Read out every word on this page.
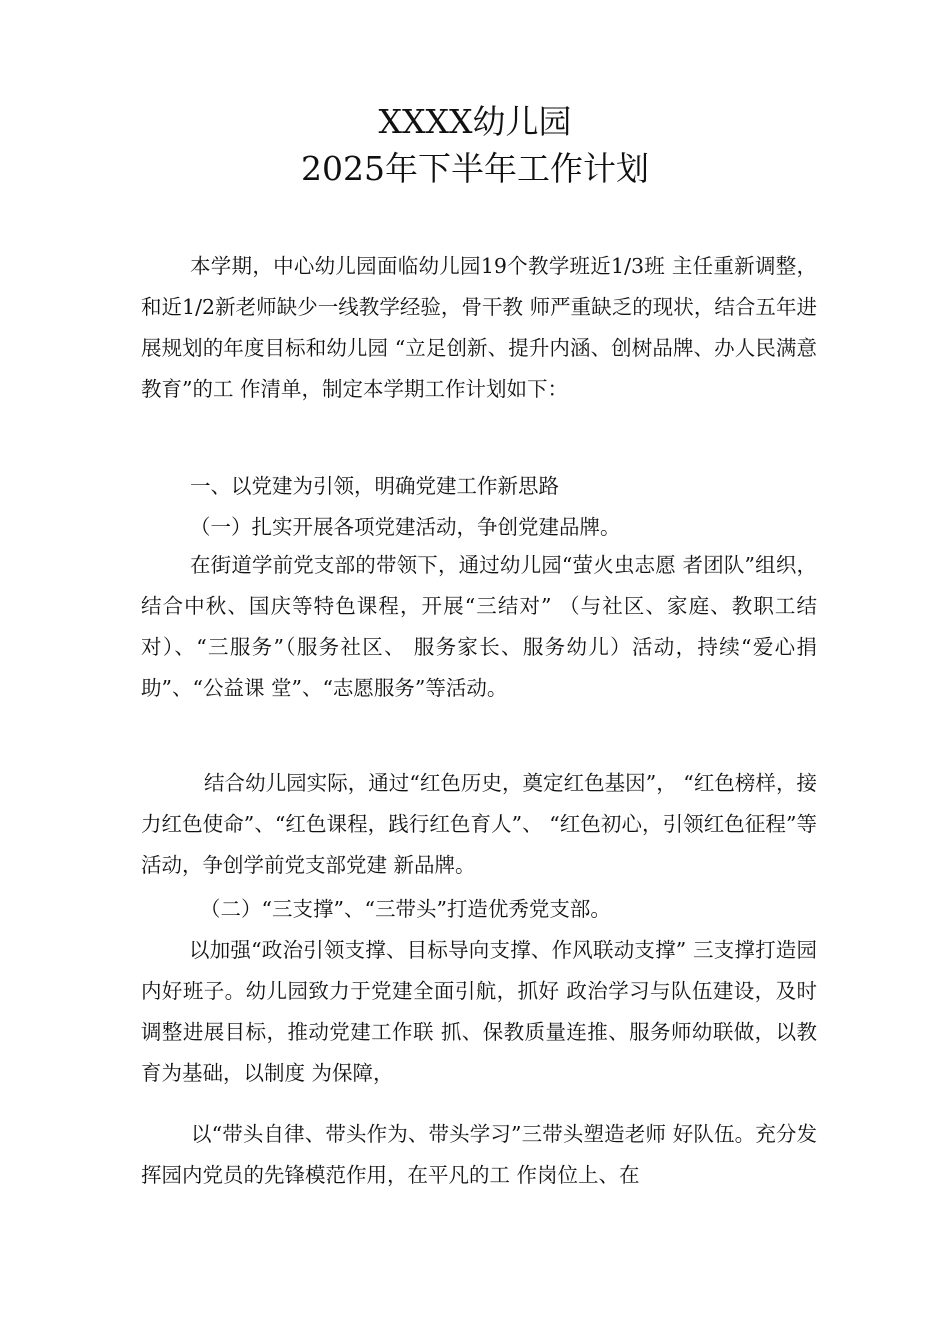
XXXX幼儿园
2025年下半年工作计划

本学期，中心幼儿园面临幼儿园19个教学班近1/3班 主任重新调整，和近1/2新老师缺少一线教学经验，骨干教 师严重缺乏的现状，结合五年进展规划的年度目标和幼儿园 “立足创新、提升内涵、创树品牌、办人民满意教育”的工 作清单，制定本学期工作计划如下：

一、以党建为引领，明确党建工作新思路

（一）扎实开展各项党建活动，争创党建品牌。

在街道学前党支部的带领下，通过幼儿园“萤火虫志愿 者团队”组织，结合中秋、国庆等特色课程，开展“三结对” （与社区、家庭、教职工结对）、“三服务”（服务社区、 服务家长、服务幼儿）活动，持续“爱心捐助”、“公益课 堂”、“志愿服务”等活动。

结合幼儿园实际，通过“红色历史，奠定红色基因”， “红色榜样，接力红色使命”、“红色课程，践行红色育人”、 “红色初心，引领红色征程”等活动，争创学前党支部党建 新品牌。

（二）“三支撑”、“三带头”打造优秀党支部。

以加强“政治引领支撑、目标导向支撑、作风联动支撑” 三支撑打造园内好班子。幼儿园致力于党建全面引航，抓好 政治学习与队伍建设，及时调整进展目标，推动党建工作联 抓、保教质量连推、服务师幼联做，以教育为基础，以制度 为保障，

以“带头自律、带头作为、带头学习”三带头塑造老师 好队伍。充分发挥园内党员的先锋模范作用，在平凡的工 作岗位上、在
